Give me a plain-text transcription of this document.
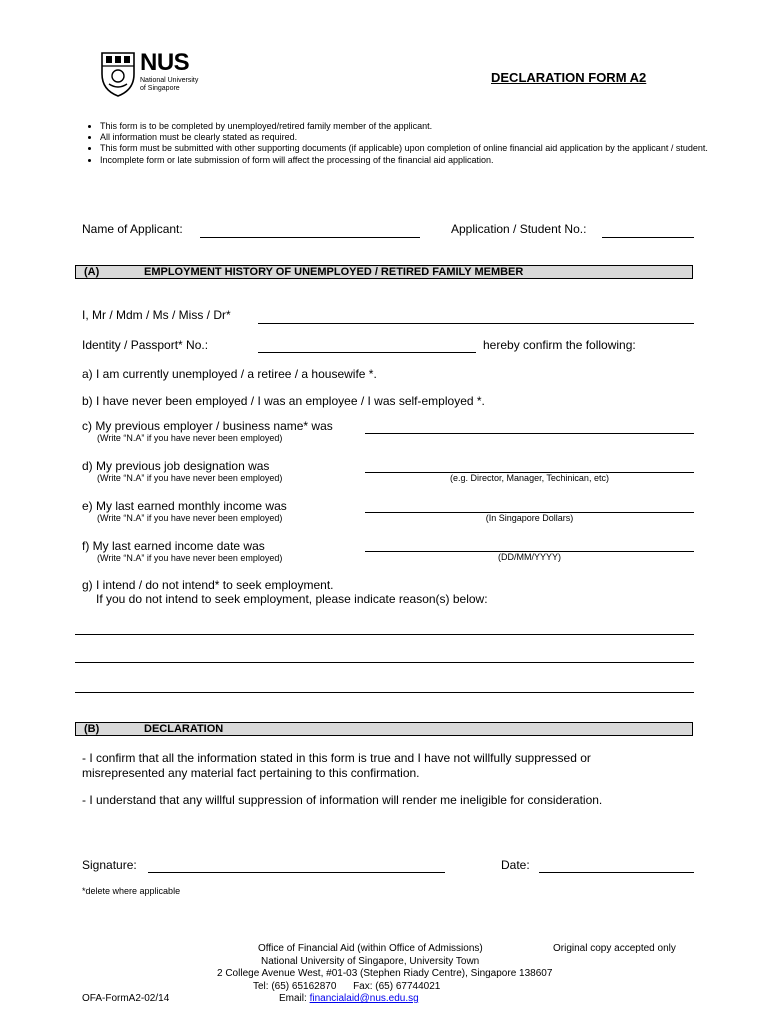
NUS
National University
of Singapore
DECLARATION FORM A2
• This form is to be completed by unemployed/retired family member of the applicant.
• All information must be clearly stated as required.
• This form must be submitted with other supporting documents (if applicable) upon completion of online financial aid application by the applicant / student.
• Incomplete form or late submission of form will affect the processing of the financial aid application.
Name of Applicant:	Application / Student No.:
(A)	EMPLOYMENT HISTORY OF UNEMPLOYED / RETIRED FAMILY MEMBER
I, Mr / Mdm / Ms / Miss / Dr*
Identity / Passport* No.:	hereby confirm the following:
a) I am currently unemployed / a retiree / a housewife *.
b) I have never been employed / I was an employee / I was self-employed *.
c) My previous employer / business name* was
(Write “N.A” if you have never been employed)
d) My previous job designation was
(Write “N.A” if you have never been employed)	(e.g. Director, Manager, Techinican, etc)
e) My last earned monthly income was
(Write “N.A” if you have never been employed)	(In Singapore Dollars)
f) My last earned income date was
(Write “N.A” if you have never been employed)	(DD/MM/YYYY)
g) I intend / do not intend* to seek employment.
If you do not intend to seek employment, please indicate reason(s) below:
(B)	DECLARATION
- I confirm that all the information stated in this form is true and I have not willfully suppressed or
misrepresented any material fact pertaining to this confirmation.
- I understand that any willful suppression of information will render me ineligible for consideration.
Signature:	Date:
*delete where applicable
Office of Financial Aid (within Office of Admissions)	Original copy accepted only
National University of Singapore, University Town
2 College Avenue West, #01-03 (Stephen Riady Centre), Singapore 138607
Tel: (65) 65162870      Fax: (65) 67744021
OFA-FormA2-02/14	Email: financialaid@nus.edu.sg
